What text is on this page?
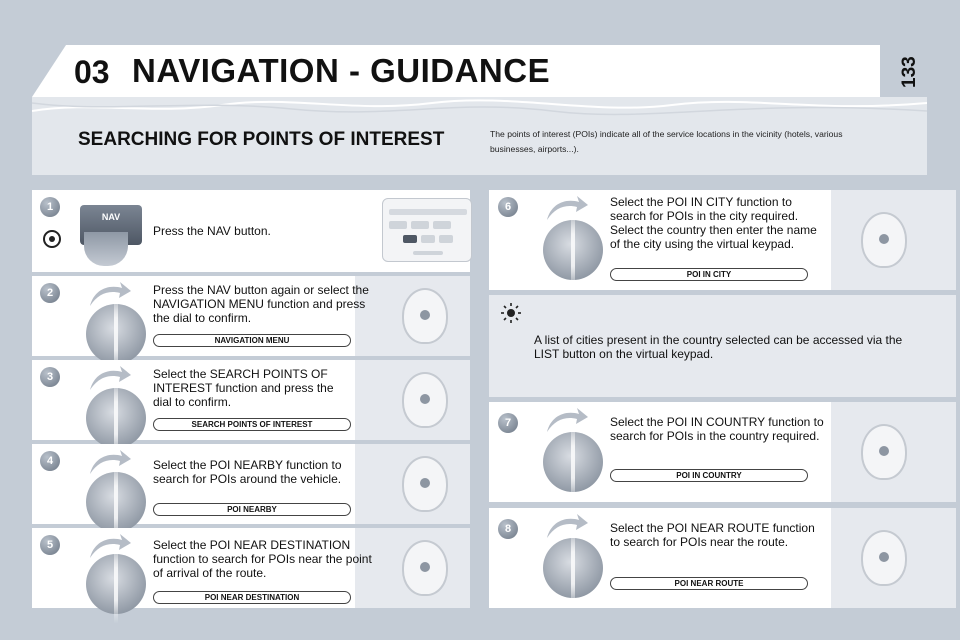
133
03 NAVIGATION - GUIDANCE
SEARCHING FOR POINTS OF INTEREST	The points of interest (POIs) indicate all of the service locations in the vicinity (hotels, various businesses, airports...).
1
NAV
Press the NAV button.
2	Press the NAV button again or select the NAVIGATION MENU function and press the dial to confirm.
NAVIGATION MENU
3	Select the SEARCH POINTS OF INTEREST function and press the dial to confirm.
SEARCH POINTS OF INTEREST
4	Select the POI NEARBY function to search for POIs around the vehicle.
POI NEARBY
5	Select the POI NEAR DESTINATION function to search for POIs near the point of arrival of the route.
POI NEAR DESTINATION
6	Select the POI IN CITY function to search for POIs in the city required. Select the country then enter the name of the city using the virtual keypad.
POI IN CITY
A list of cities present in the country selected can be accessed via the LIST button on the virtual keypad.
7	Select the POI IN COUNTRY function to search for POIs in the country required.
POI IN COUNTRY
8	Select the POI NEAR ROUTE function to search for POIs near the route.
POI NEAR ROUTE
